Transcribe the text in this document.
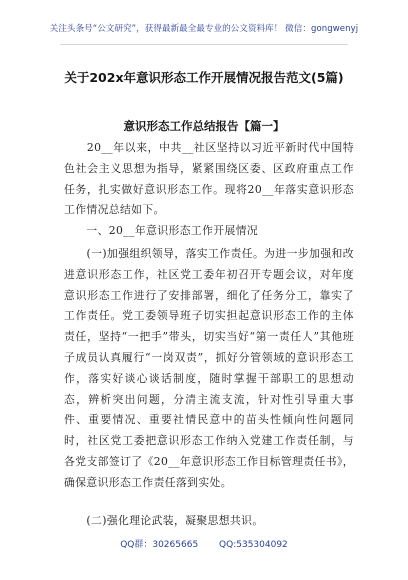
关注头条号“公文研究”，获得最新最全最专业的公文资料库！ 微信：gongwenyj
关于202x年意识形态工作开展情况报告范文(5篇)
意识形态工作总结报告【篇一】
　　20__年以来，中共__社区坚持以习近平新时代中国特色社会主义思想为指导，紧紧围绕区委、区政府重点工作任务，扎实做好意识形态工作。现将20__年落实意识形态工作情况总结如下。
　　一、20__年意识形态工作开展情况
　　(一)加强组织领导，落实工作责任。为进一步加强和改进意识形态工作，社区党工委年初召开专题会议，对年度意识形态工作进行了安排部署，细化了任务分工，靠实了工作责任。党工委领导班子切实担起意识形态工作的主体责任，坚持“一把手”带头，切实当好“第一责任人”其他班子成员认真履行“一岗双责”，抓好分管领域的意识形态工作，落实好谈心谈话制度，随时掌握干部职工的思想动态，辨析突出问题，分清主流支流，针对性引导重大事件、重要情况、重要社情民意中的苗头性倾向性问题同时，社区党工委把意识形态工作纳入党建工作责任制，与各党支部签订了《20__年意识形态工作目标管理责任书》，确保意识形态工作责任落到实处。
　　(二)强化理论武装，凝聚思想共识。
QQ群：30265665 QQ:535304092
